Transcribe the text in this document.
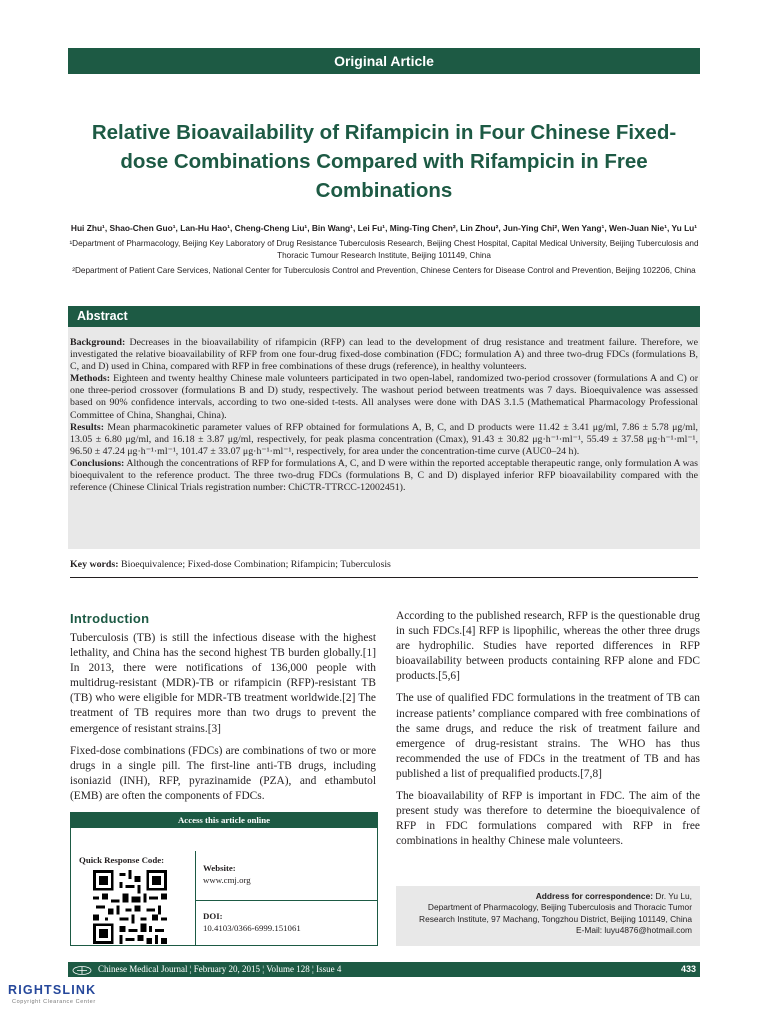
Original Article
Relative Bioavailability of Rifampicin in Four Chinese Fixed-dose Combinations Compared with Rifampicin in Free Combinations
Hui Zhu¹, Shao-Chen Guo¹, Lan-Hu Hao¹, Cheng-Cheng Liu¹, Bin Wang¹, Lei Fu¹, Ming-Ting Chen², Lin Zhou², Jun-Ying Chi², Wen Yang¹, Wen-Juan Nie¹, Yu Lu¹
¹Department of Pharmacology, Beijing Key Laboratory of Drug Resistance Tuberculosis Research, Beijing Chest Hospital, Capital Medical University, Beijing Tuberculosis and Thoracic Tumour Research Institute, Beijing 101149, China
²Department of Patient Care Services, National Center for Tuberculosis Control and Prevention, Chinese Centers for Disease Control and Prevention, Beijing 102206, China
Abstract

Background: Decreases in the bioavailability of rifampicin (RFP) can lead to the development of drug resistance and treatment failure. Therefore, we investigated the relative bioavailability of RFP from one four-drug fixed-dose combination (FDC; formulation A) and three two-drug FDCs (formulations B, C, and D) used in China, compared with RFP in free combinations of these drugs (reference), in healthy volunteers.

Methods: Eighteen and twenty healthy Chinese male volunteers participated in two open-label, randomized two-period crossover (formulations A and C) or one three-period crossover (formulations B and D) study, respectively. The washout period between treatments was 7 days. Bioequivalence was assessed based on 90% confidence intervals, according to two one-sided t-tests. All analyses were done with DAS 3.1.5 (Mathematical Pharmacology Professional Committee of China, Shanghai, China).

Results: Mean pharmacokinetic parameter values of RFP obtained for formulations A, B, C, and D products were 11.42 ± 3.41 μg/ml, 7.86 ± 5.78 μg/ml, 13.05 ± 6.80 μg/ml, and 16.18 ± 3.87 μg/ml, respectively, for peak plasma concentration (Cmax), 91.43 ± 30.82 μg·h⁻¹·ml⁻¹, 55.49 ± 37.58 μg·h⁻¹·ml⁻¹, 96.50 ± 47.24 μg·h⁻¹·ml⁻¹, 101.47 ± 33.07 μg·h⁻¹·ml⁻¹, respectively, for area under the concentration-time curve (AUC0–24 h).

Conclusions: Although the concentrations of RFP for formulations A, C, and D were within the reported acceptable therapeutic range, only formulation A was bioequivalent to the reference product. The three two-drug FDCs (formulations B, C and D) displayed inferior RFP bioavailability compared with the reference (Chinese Clinical Trials registration number: ChiCTR-TTRCC-12002451).

Key words: Bioequivalence; Fixed-dose Combination; Rifampicin; Tuberculosis
Introduction

Tuberculosis (TB) is still the infectious disease with the highest lethality, and China has the second highest TB burden globally.[1] In 2013, there were notifications of 136,000 people with multidrug-resistant (MDR)-TB or rifampicin (RFP)-resistant TB (TB) who were eligible for MDR-TB treatment worldwide.[2] The treatment of TB requires more than two drugs to prevent the emergence of resistant strains.[3]

Fixed-dose combinations (FDCs) are combinations of two or more drugs in a single pill. The first-line anti-TB drugs, including isoniazid (INH), RFP, pyrazinamide (PZA), and ethambutol (EMB) are often the components of FDCs.

According to the published research, RFP is the questionable drug in such FDCs.[4] RFP is lipophilic, whereas the other three drugs are hydrophilic. Studies have reported differences in RFP bioavailability between products containing RFP alone and FDC products.[5,6]

The use of qualified FDC formulations in the treatment of TB can increase patients’ compliance compared with free combinations of the same drugs, and reduce the risk of treatment failure and emergence of drug-resistant strains. The WHO has thus recommended the use of FDCs in the treatment of TB and has published a list of prequalified products.[7,8]

The bioavailability of RFP is important in FDC. The aim of the present study was therefore to determine the bioequivalence of RFP in FDC formulations compared with RFP in free combinations in healthy Chinese male volunteers.

Access this article online
Quick Response Code:
Website:
www.cmj.org
DOI:
10.4103/0366-6999.151061
Address for correspondence: Dr. Yu Lu,
Department of Pharmacology, Beijing Tuberculosis and Thoracic Tumor
Research Institute, 97 Machang, Tongzhou District, Beijing 101149, China
E-Mail: luyu4876@hotmail.com
Chinese Medical Journal ¦ February 20, 2015 ¦ Volume 128 ¦ Issue 4	433
RIGHTSLINK
Copyright Clearance Center
